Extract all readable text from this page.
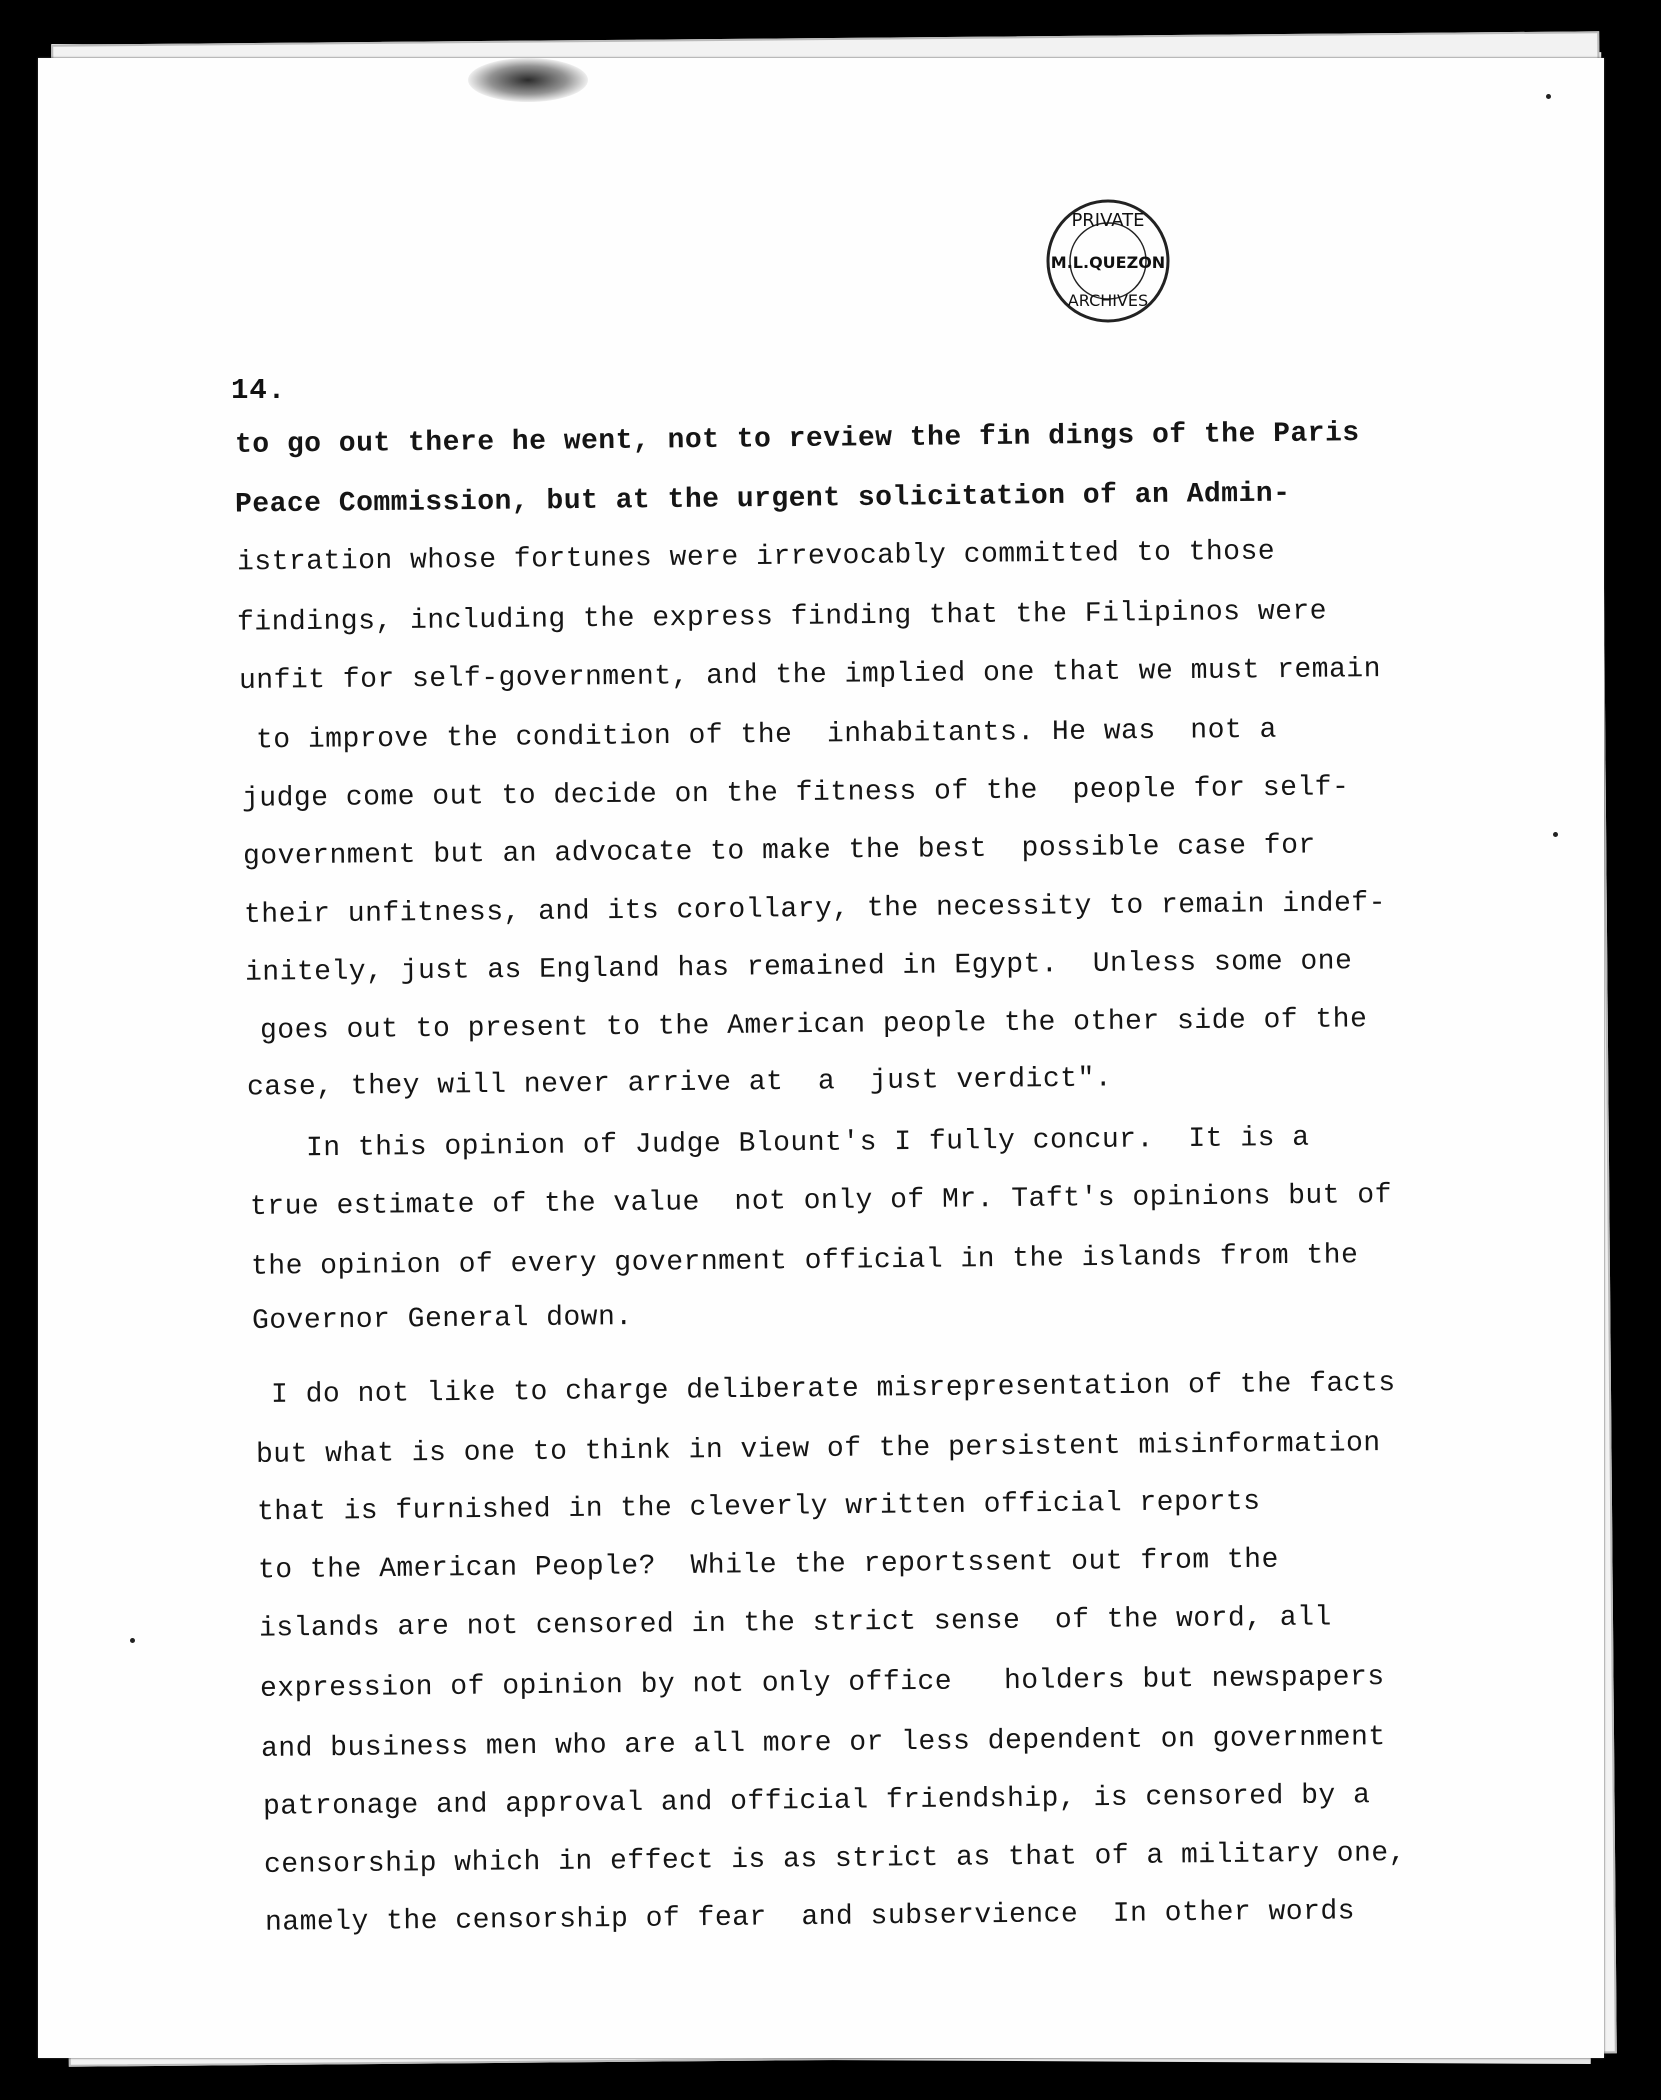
PRIVATE
M.L.QUEZON
ARCHIVES
14.
to go out there he went, not to review the fin dings of the Paris
Peace Commission, but at the urgent solicitation of an Admin-
istration whose fortunes were irrevocably committed to those
findings, including the express finding that the Filipinos were
unfit for self-government, and the implied one that we must remain
to improve the condition of the  inhabitants. He was  not a
judge come out to decide on the fitness of the  people for self-
government but an advocate to make the best  possible case for
their unfitness, and its corollary, the necessity to remain indef-
initely, just as England has remained in Egypt.  Unless some one
goes out to present to the American people the other side of the
case, they will never arrive at  a  just verdict".
In this opinion of Judge Blount's I fully concur.  It is a
true estimate of the value  not only of Mr. Taft's opinions but of
the opinion of every government official in the islands from the
Governor General down.
I do not like to charge deliberate misrepresentation of the facts
but what is one to think in view of the persistent misinformation
that is furnished in the cleverly written official reports
to the American People?  While the reportssent out from the
islands are not censored in the strict sense  of the word, all
expression of opinion by not only office   holders but newspapers
and business men who are all more or less dependent on government
patronage and approval and official friendship, is censored by a
censorship which in effect is as strict as that of a military one,
namely the censorship of fear  and subservience  In other words
